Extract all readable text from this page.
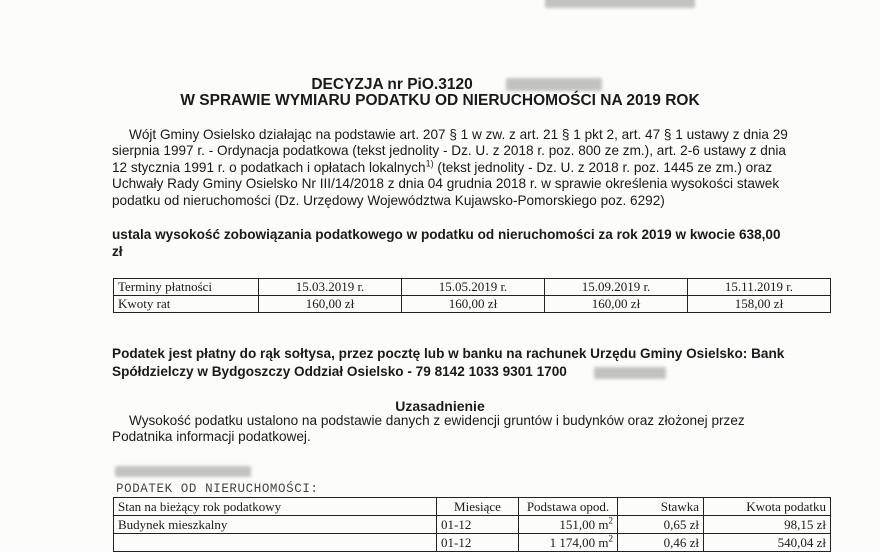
DECYZJA nr PiO.3120
W SPRAWIE WYMIARU PODATKU OD NIERUCHOMOŚCI NA 2019 ROK

Wójt Gminy Osielsko działając na podstawie art. 207 § 1 w zw. z art. 21 § 1 pkt 2, art. 47 § 1 ustawy z dnia 29

sierpnia 1997 r. - Ordynacja podatkowa (tekst jednolity - Dz. U. z 2018 r. poz. 800 ze zm.), art. 2-6 ustawy z dnia

12 stycznia 1991 r. o podatkach i opłatach lokalnych$^{1)}$ (tekst jednolity - Dz. U. z 2018 r. poz. 1445 ze zm.) oraz

Uchwały Rady Gminy Osielsko Nr III/14/2018 z dnia 04 grudnia 2018 r. w sprawie określenia wysokości stawek

podatku od nieruchomości (Dz. Urzędowy Województwa Kujawsko-Pomorskiego poz. 6292)

ustala wysokość zobowiązania podatkowego w podatku od nieruchomości za rok 2019 w kwocie 638,00

zł

Terminy płatności	15.03.2019 r.	15.05.2019 r.	15.09.2019 r.	15.11.2019 r.
Kwoty rat	160,00 zł	160,00 zł	160,00 zł	158,00 zł

Podatek jest płatny do rąk sołtysa, przez pocztę lub w banku na rachunek Urzędu Gminy Osielsko: Bank

Spółdzielczy w Bydgoszczy Oddział Osielsko - 79 8142 1033 9301 1700

Uzasadnienie

Wysokość podatku ustalono na podstawie danych z ewidencji gruntów i budynków oraz złożonej przez

Podatnika informacji podatkowej.

PODATEK OD NIERUCHOMOŚCI:
Stan na bieżący rok podatkowy	Miesiące	Podstawa opod.	Stawka	Kwota podatku
Budynek mieszkalny	01-12	151,00 $m^2$	0,65 zł	98,15 zł
	01-12	1 174,00 $m^2$	0,46 zł	540,04 zł
